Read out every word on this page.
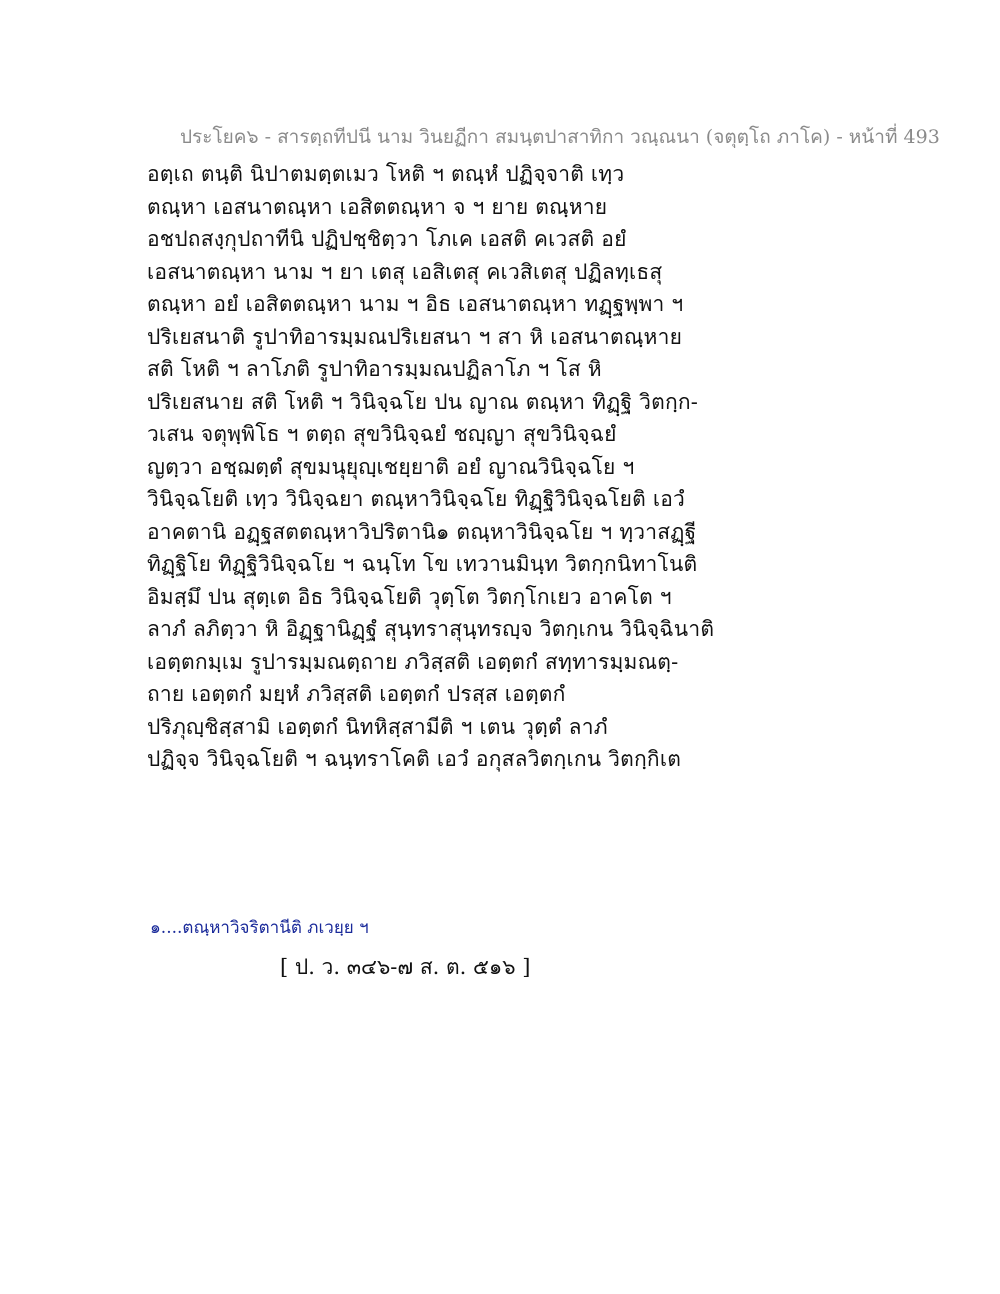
ประโยค๖ - สารตฺถทีปนี นาม วินยฏีกา สมนฺตปาสาทิกา วณฺณนา (จตุตฺโถ ภาโค) - หน้าที่ 493
อตฺเถ ตนฺติ นิปาตมตฺตเมว โหติ ฯ ตณฺหํ ปฏิจฺจาติ เทฺว
ตณฺหา เอสนาตณฺหา เอสิตตณฺหา จ ฯ ยาย ตณฺหาย
อชปถสงฺกุปถาทีนิ ปฏิปชฺชิตฺวา โภเค เอสติ คเวสติ อยํ
เอสนาตณฺหา นาม ฯ ยา เตสุ เอสิเตสุ คเวสิเตสุ ปฏิลทฺเธสุ
ตณฺหา อยํ เอสิตตณฺหา นาม ฯ อิธ เอสนาตณฺหา ทฏฺฐพฺพา ฯ
ปริเยสนาติ รูปาทิอารมฺมณปริเยสนา ฯ สา หิ เอสนาตณฺหาย
สติ โหติ ฯ ลาโภติ รูปาทิอารมฺมณปฏิลาโภ ฯ โส หิ
ปริเยสนาย สติ โหติ ฯ วินิจฺฉโย ปน ญาณ ตณฺหา ทิฏฺฐิ วิตกฺก-
วเสน จตุพฺพิโธ ฯ ตตฺถ สุขวินิจฺฉยํ ชญฺญา สุขวินิจฺฉยํ
ญตฺวา อชฺฌตฺตํ สุขมนุยุญฺเชยฺยาติ อยํ ญาณวินิจฺฉโย ฯ
วินิจฺฉโยติ เทฺว วินิจฺฉยา ตณฺหาวินิจฺฉโย ทิฏฺฐิวินิจฺฉโยติ เอวํ
อาคตานิ อฏฺฐสตตณฺหาวิปริตานิ๑ ตณฺหาวินิจฺฉโย ฯ ทฺวาสฏฺฐี
ทิฏฺฐิโย ทิฏฺฐิวินิจฺฉโย ฯ ฉนฺโท โข เทวานมินฺท วิตกฺกนิทาโนติ
อิมสฺมึ ปน สุตฺเต อิธ วินิจฺฉโยติ วุตฺโต วิตกฺโกเยว อาคโต ฯ
ลาภํ ลภิตฺวา หิ อิฏฺฐานิฏฺฐํ สุนฺทราสุนฺทรญฺจ วิตกฺเกน วินิจฺฉินาติ
เอตฺตกมฺเม รูปารมฺมณตฺถาย ภวิสฺสติ เอตฺตกํ สทฺทารมฺมณตฺ-
ถาย เอตฺตกํ มยฺหํ ภวิสฺสติ เอตฺตกํ ปรสฺส เอตฺตกํ
ปริภุญฺชิสฺสามิ เอตฺตกํ นิทหิสฺสามีติ ฯ เตน วุตฺตํ ลาภํ
ปฏิจฺจ วินิจฺฉโยติ ฯ ฉนฺทราโคติ เอวํ อกุสลวิตกฺเกน วิตกฺกิเต
๑....ตณฺหาวิจริตานีติ ภเวยฺย ฯ
[ ป. ว. ๓๔๖-๗ ส. ต. ๕๑๖ ]
